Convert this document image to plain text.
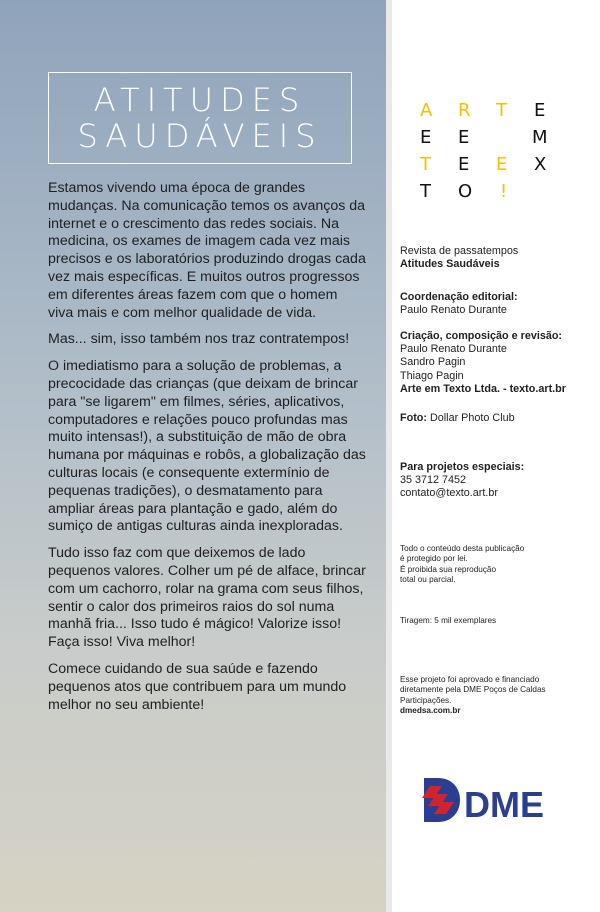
ATITUDES
SAUDÁVEIS

Estamos vivendo uma época de grandes mudanças. Na comunicação temos os avanços da internet e o crescimento das redes sociais. Na medicina, os exames de imagem cada vez mais precisos e os laboratórios produzindo drogas cada vez mais específicas. E muitos outros progressos em diferentes áreas fazem com que o homem viva mais e com melhor qualidade de vida.

Mas... sim, isso também nos traz contratempos!

O imediatismo para a solução de problemas, a precocidade das crianças (que deixam de brincar para "se ligarem" em filmes, séries, aplicativos, computadores e relações pouco profundas mas muito intensas!), a substituição de mão de obra humana por máquinas e robôs, a globalização das culturas locais (e consequente extermínio de pequenas tradições), o desmatamento para ampliar áreas para plantação e gado, além do sumiço de antigas culturas ainda inexploradas.

Tudo isso faz com que deixemos de lado pequenos valores. Colher um pé de alface, brincar com um cachorro, rolar na grama com seus filhos, sentir o calor dos primeiros raios do sol numa manhã fria... Isso tudo é mágico! Valorize isso! Faça isso! Viva melhor!

Comece cuidando de sua saúde e fazendo pequenos atos que contribuem para um mundo melhor no seu ambiente!

A R T E
E E	M
T E E X
T O !
Revista de passatempos
Atitudes Saudáveis
Coordenação editorial:
Paulo Renato Durante
Criação, composição e revisão:
Paulo Renato Durante
Sandro Pagin
Thiago Pagin
Arte em Texto Ltda. - texto.art.br
Foto: Dollar Photo Club
Para projetos especiais:
35 3712 7452
contato@texto.art.br
Todo o conteúdo desta publicação
é protegido por lei.
É proibida sua reprodução
total ou parcial.
Tiragem: 5 mil exemplares
Esse projeto foi aprovado e financiado
diretamente pela DME Poços de Caldas
Participações.
dmedsa.com.br
DME
